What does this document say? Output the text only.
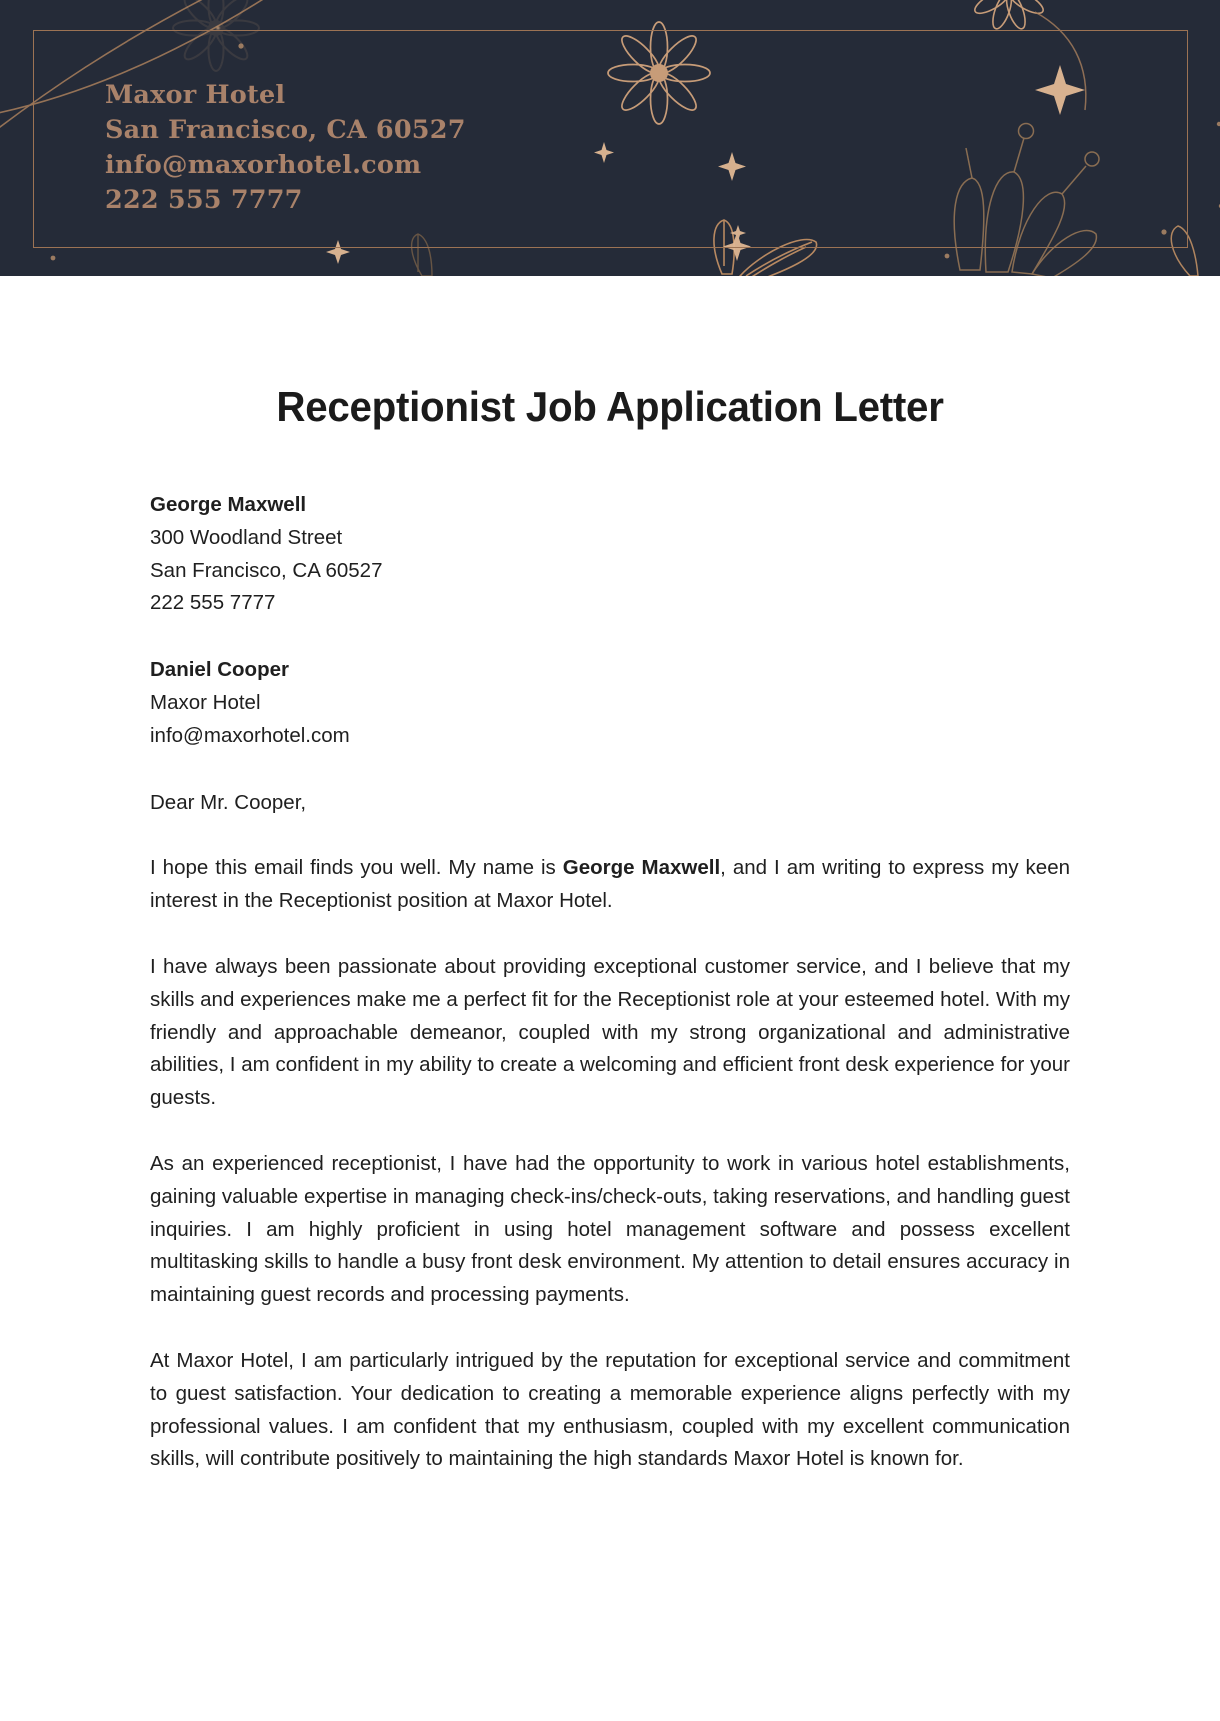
Maxor Hotel
San Francisco, CA 60527
info@maxorhotel.com
222 555 7777
Receptionist Job Application Letter
George Maxwell
300 Woodland Street
San Francisco, CA 60527
222 555 7777
Daniel Cooper
Maxor Hotel
info@maxorhotel.com

Dear Mr. Cooper,

I hope this email finds you well. My name is George Maxwell, and I am writing to express my keen interest in the Receptionist position at Maxor Hotel.

I have always been passionate about providing exceptional customer service, and I believe that my skills and experiences make me a perfect fit for the Receptionist role at your esteemed hotel. With my friendly and approachable demeanor, coupled with my strong organizational and administrative abilities, I am confident in my ability to create a welcoming and efficient front desk experience for your guests.

As an experienced receptionist, I have had the opportunity to work in various hotel establishments, gaining valuable expertise in managing check-ins/check-outs, taking reservations, and handling guest inquiries. I am highly proficient in using hotel management software and possess excellent multitasking skills to handle a busy front desk environment. My attention to detail ensures accuracy in maintaining guest records and processing payments.

At Maxor Hotel, I am particularly intrigued by the reputation for exceptional service and commitment to guest satisfaction. Your dedication to creating a memorable experience aligns perfectly with my professional values. I am confident that my enthusiasm, coupled with my excellent communication skills, will contribute positively to maintaining the high standards Maxor Hotel is known for.
